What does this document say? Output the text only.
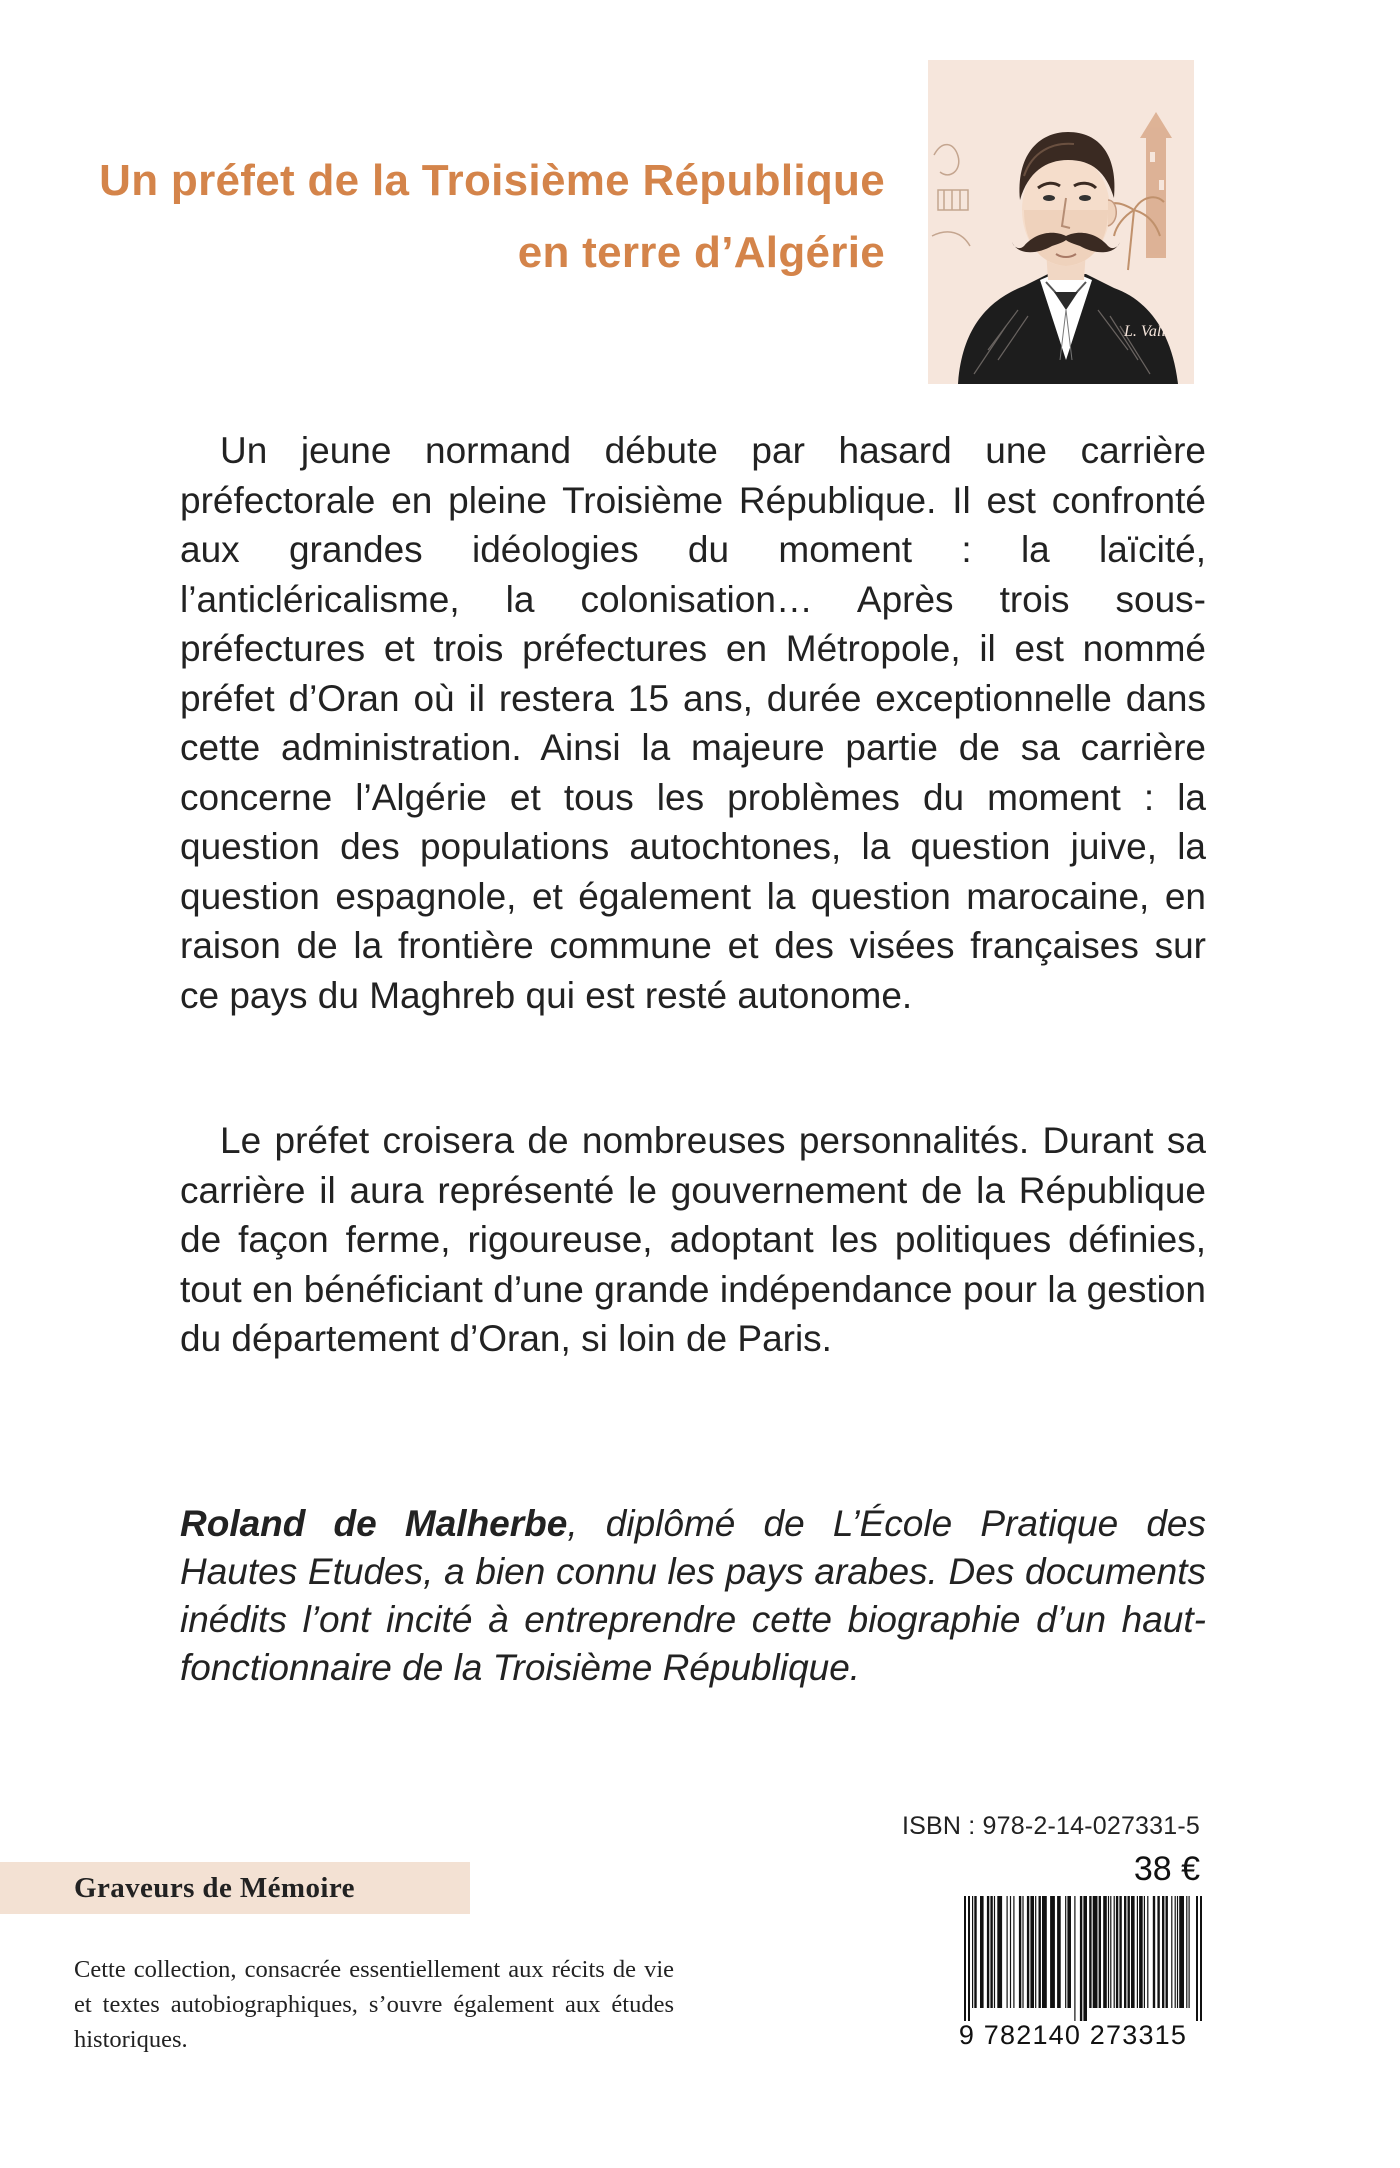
Un préfet de la Troisième République
en terre d’Algérie
L. Vall

Un jeune normand débute par hasard une carrière préfectorale en pleine Troisième République. Il est confronté aux grandes idéologies du moment : la laïcité, l’anticléricalisme, la colonisation… Après trois sous-préfectures et trois préfectures en Métropole, il est nommé préfet d’Oran où il restera 15 ans, durée exceptionnelle dans cette administration. Ainsi la majeure partie de sa carrière concerne l’Algérie et tous les problèmes du moment : la question des populations autochtones, la question juive, la question espagnole, et également la question marocaine, en raison de la frontière commune et des visées françaises sur ce pays du Maghreb qui est resté autonome.

Le préfet croisera de nombreuses personnalités. Durant sa carrière il aura représenté le gouvernement de la République de façon ferme, rigoureuse, adoptant les politiques définies, tout en bénéficiant d’une grande indépendance pour la gestion du département d’Oran, si loin de Paris.

Roland de Malherbe, diplômé de L’École Pratique des Hautes Etudes, a bien connu les pays arabes. Des documents inédits l’ont incité à entreprendre cette biographie d’un haut-fonctionnaire de la Troisième République.

ISBN : 978-2-14-027331-5
38 €
9 782140 273315
Graveurs de Mémoire

Cette collection, consacrée essentiellement aux récits de vie et textes autobiographiques, s’ouvre également aux études historiques.
